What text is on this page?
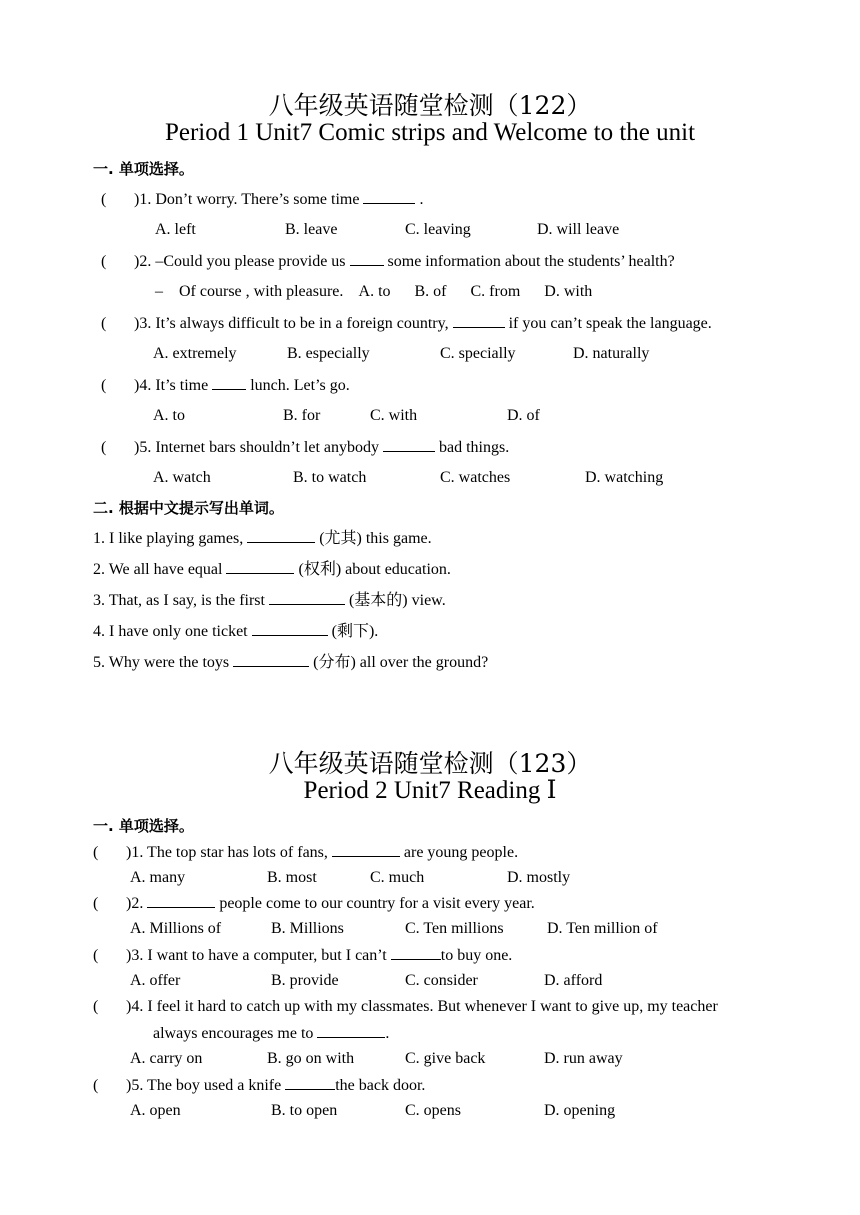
八年级英语随堂检测（122）
Period 1 Unit7 Comic strips and Welcome to the unit
一. 单项选择。
( )1. Don’t worry. There’s some time	.
A. left	B. leave	C. leaving	D. will leave
( )2. –Could you please provide us	some information about the students’ health?
–    Of course , with pleasure.    A. to      B. of      C. from      D. with
( )3. It’s always difficult to be in a foreign country,	if you can’t speak the language.
A. extremely	B. especially	C. specially	D. naturally
( )4. It’s time	lunch. Let’s go.
A. to	B. for	C. with	D. of
( )5. Internet bars shouldn’t let anybody	bad things.
A. watch	B. to watch	C. watches	D. watching
二. 根据中文提示写出单词。
1. I like playing games,	(尤其) this game.
2. We all have equal	(权利) about education.
3. That, as I say, is the first	(基本的) view.
4. I have only one ticket	(剩下).
5. Why were the toys	(分布) all over the ground?
八年级英语随堂检测（123）
Period 2 Unit7 Reading Ⅰ
一. 单项选择。
( )1. The top star has lots of fans,	are young people.
A. many	B. most	C. much	D. mostly
( )2.	people come to our country for a visit every year.
A. Millions of	B. Millions	C. Ten millions	D. Ten million of
( )3. I want to have a computer, but I can’t	to buy one.
A. offer	B. provide	C. consider	D. afford
( )4. I feel it hard to catch up with my classmates. But whenever I want to give up, my teacher
always encourages me to	.
A. carry on	B. go on with	C. give back	D. run away
( )5. The boy used a knife	the back door.
A. open	B. to open	C. opens	D. opening
